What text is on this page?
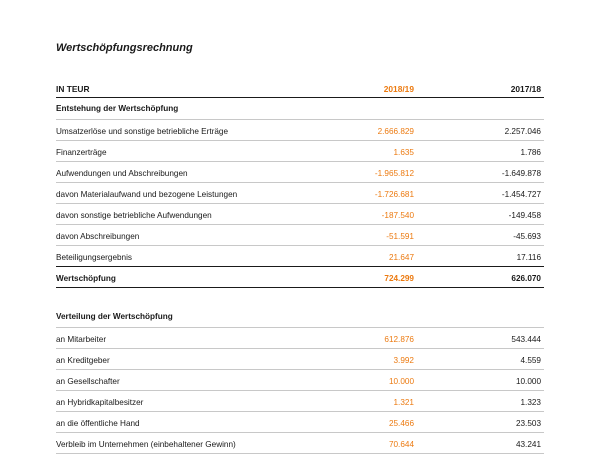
Wertschöpfungsrechnung
IN TEUR	2018/19	2017/18
Entstehung der Wertschöpfung
Umsatzerlöse und sonstige betriebliche Erträge	2.666.829	2.257.046
Finanzerträge	1.635	1.786
Aufwendungen und Abschreibungen	-1.965.812	-1.649.878
davon Materialaufwand und bezogene Leistungen	-1.726.681	-1.454.727
davon sonstige betriebliche Aufwendungen	-187.540	-149.458
davon Abschreibungen	-51.591	-45.693
Beteiligungsergebnis	21.647	17.116
Wertschöpfung	724.299	626.070
Verteilung der Wertschöpfung
an Mitarbeiter	612.876	543.444
an Kreditgeber	3.992	4.559
an Gesellschafter	10.000	10.000
an Hybridkapitalbesitzer	1.321	1.323
an die öffentliche Hand	25.466	23.503
Verbleib im Unternehmen (einbehaltener Gewinn)	70.644	43.241
